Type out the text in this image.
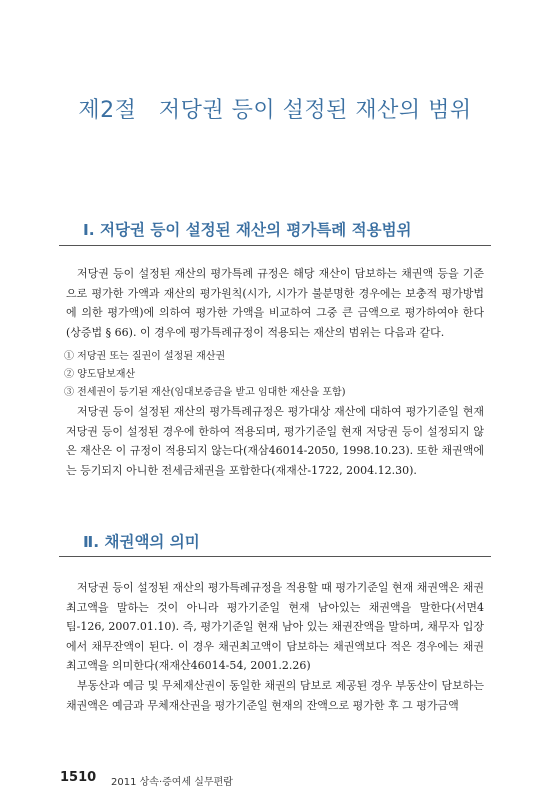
제2절   저당권 등이 설정된 재산의 범위
Ⅰ. 저당권 등이 설정된 재산의 평가특례 적용범위

저당권 등이 설정된 재산의 평가특례 규정은 해당 재산이 담보하는 채권액 등을 기준으로 평가한 가액과 재산의 평가원칙(시가, 시가가 불분명한 경우에는 보충적 평가방법에 의한 평가액)에 의하여 평가한 가액을 비교하여 그중 큰 금액으로 평가하여야 한다(상증법 § 66). 이 경우에 평가특례규정이 적용되는 재산의 범위는 다음과 같다.

① 저당권 또는 질권이 설정된 재산권
② 양도담보재산
③ 전세권이 등기된 재산(임대보증금을 받고 임대한 재산을 포함)

저당권 등이 설정된 재산의 평가특례규정은 평가대상 재산에 대하여 평가기준일 현재 저당권 등이 설정된 경우에 한하여 적용되며, 평가기준일 현재 저당권 등이 설정되지 않은 재산은 이 규정이 적용되지 않는다(재삼46014-2050, 1998.10.23). 또한 채권액에는 등기되지 아니한 전세금채권을 포함한다(재재산-1722, 2004.12.30).

Ⅱ. 채권액의 의미

저당권 등이 설정된 재산의 평가특례규정을 적용할 때 평가기준일 현재 채권액은 채권최고액을 말하는 것이 아니라 평가기준일 현재 남아있는 채권액을 말한다(서면4팀-126, 2007.01.10). 즉, 평가기준일 현재 남아 있는 채권잔액을 말하며, 채무자 입장에서 채무잔액이 된다. 이 경우 채권최고액이 담보하는 채권액보다 적은 경우에는 채권최고액을 의미한다(재재산46014-54, 2001.2.26)

부동산과 예금 및 무체재산권이 동일한 채권의 담보로 제공된 경우 부동산이 담보하는 채권액은 예금과 무체재산권을 평가기준일 현재의 잔액으로 평가한 후 그 평가금액

1510 2011 상속·증여세 실무편람
